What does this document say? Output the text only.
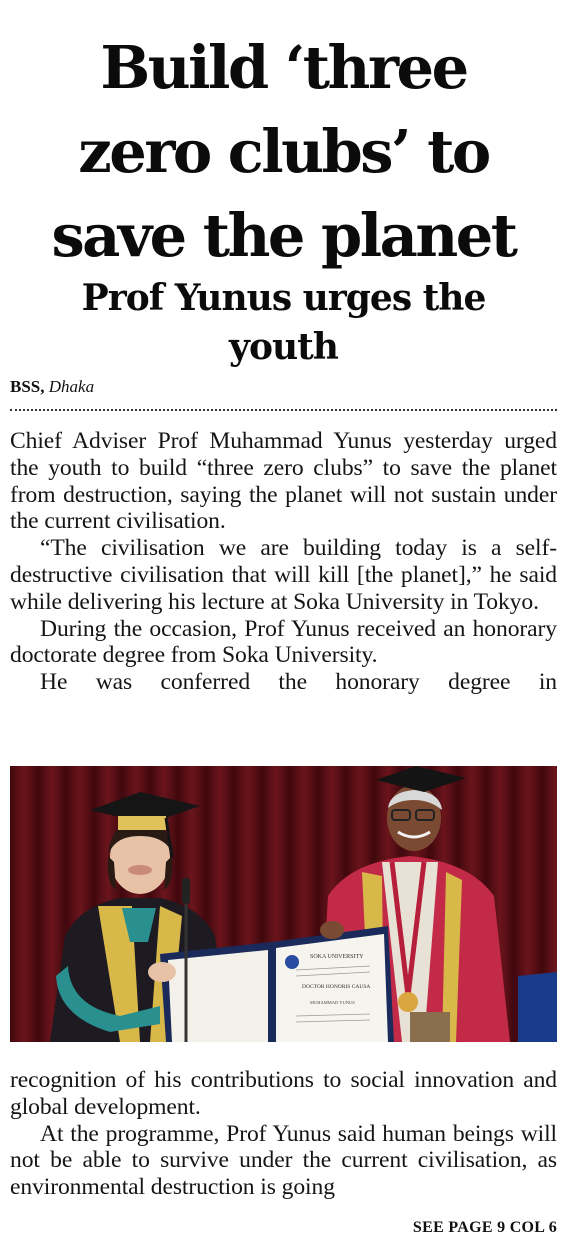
Build ‘three
zero clubs’ to
save the planet
Prof Yunus urges the
youth
BSS, Dhaka

Chief Adviser Prof Muhammad Yunus yesterday urged the youth to build “three zero clubs” to save the planet from destruction, saying the planet will not sustain under the current civilisation.

“The civilisation we are building today is a self-destructive civilisation that will kill [the planet],” he said while delivering his lecture at Soka University in Tokyo.

During the occasion, Prof Yunus received an honorary doctorate degree from Soka University.

He was conferred the honorary degree in

SOKA UNIVERSITY
DOCTOR HONORIS CAUSA
MUHAMMAD YUNUS

recognition of his contributions to social innovation and global development.

At the programme, Prof Yunus said human beings will not be able to survive under the current civilisation, as environmental destruction is going

SEE PAGE 9 COL 6
